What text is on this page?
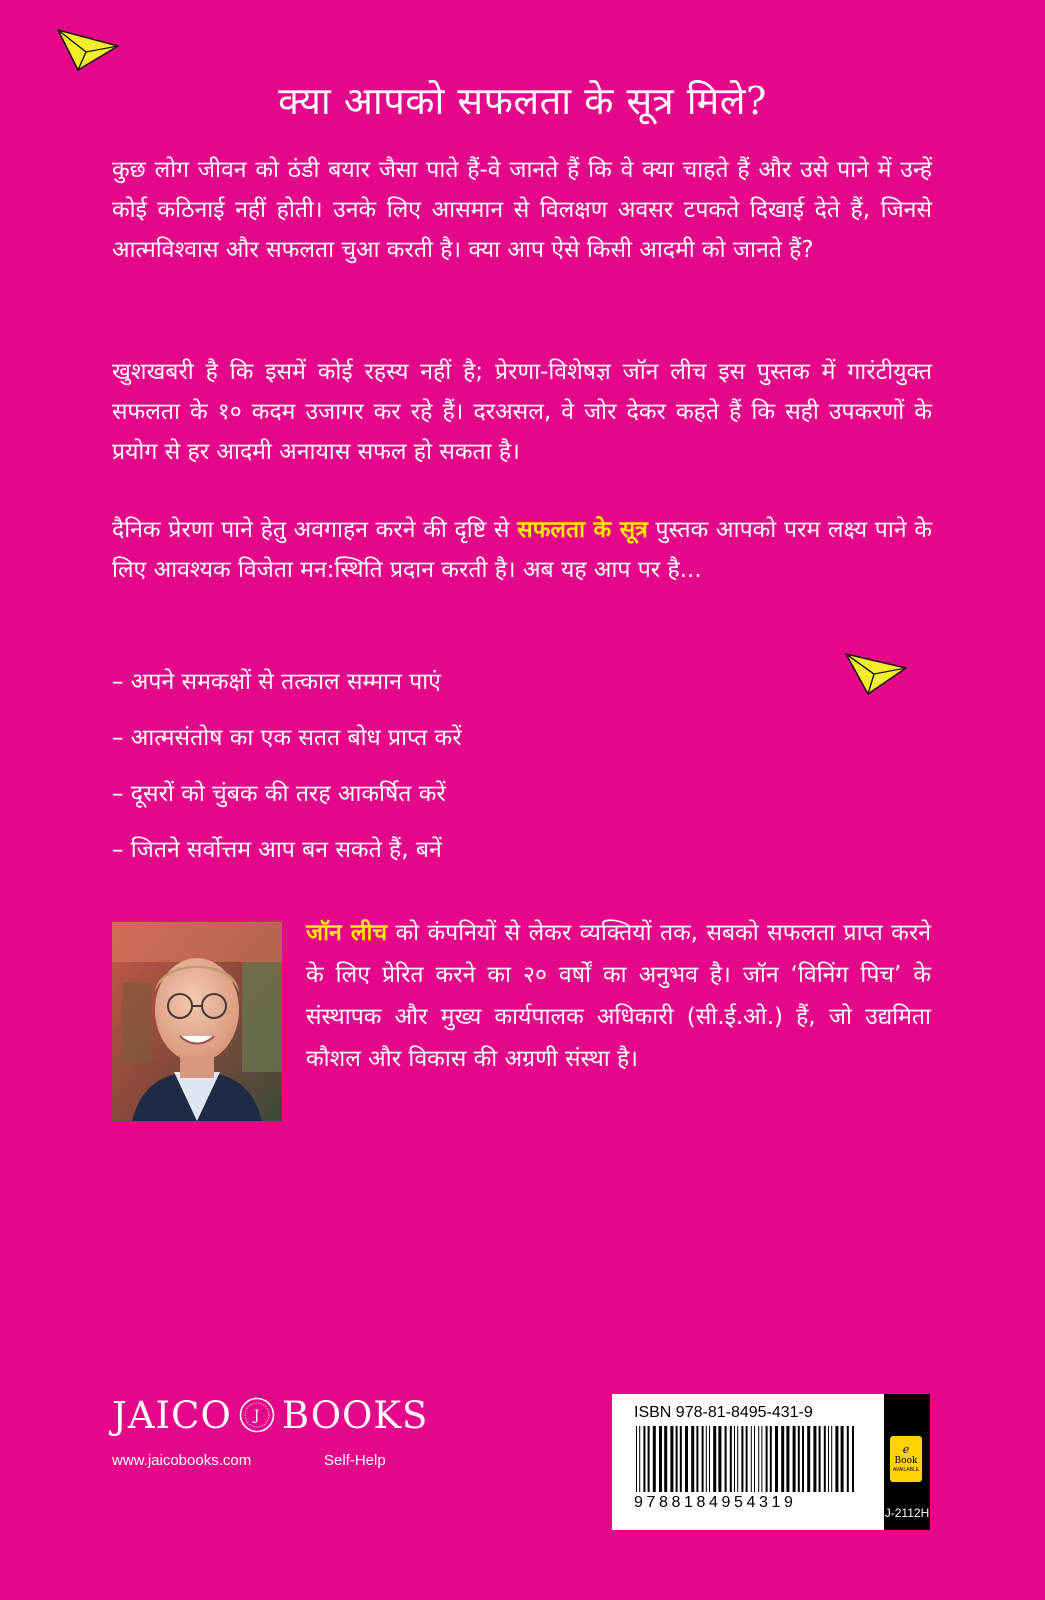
क्या आपको सफलता के सूत्र मिले?

कुछ लोग जीवन को ठंडी बयार जैसा पाते हैं-वे जानते हैं कि वे क्या चाहते हैं और उसे पाने में उन्हें कोई कठिनाई नहीं होती। उनके लिए आसमान से विलक्षण अवसर टपकते दिखाई देते हैं, जिनसे आत्मविश्वास और सफलता चुआ करती है। क्या आप ऐसे किसी आदमी को जानते हैं?

खुशखबरी है कि इसमें कोई रहस्य नहीं है; प्रेरणा-विशेषज्ञ जॉन लीच इस पुस्तक में गारंटीयुक्त सफलता के १० कदम उजागर कर रहे हैं। दरअसल, वे जोर देकर कहते हैं कि सही उपकरणों के प्रयोग से हर आदमी अनायास सफल हो सकता है।

दैनिक प्रेरणा पाने हेतु अवगाहन करने की दृष्टि से सफलता के सूत्र पुस्तक आपको परम लक्ष्य पाने के लिए आवश्यक विजेता मन:स्थिति प्रदान करती है। अब यह आप पर है...

– अपने समकक्षों से तत्काल सम्मान पाएं

– आत्मसंतोष का एक सतत बोध प्राप्त करें

– दूसरों को चुंबक की तरह आकर्षित करें

– जितने सर्वोत्तम आप बन सकते हैं, बनें

जॉन लीच को कंपनियों से लेकर व्यक्तियों तक, सबको सफलता प्राप्त करने के लिए प्रेरित करने का २० वर्षों का अनुभव है। जॉन ‘विनिंग पिच’ के संस्थापक और मुख्य कार्यपालक अधिकारी (सी.ई.ओ.) हैं, जो उद्यमिता कौशल और विकास की अग्रणी संस्था है।

JAICO J BOOKS
www.jaicobooks.com	Self-Help
ISBN 978-81-8495-431-9
9788184954319
e
Book
AVAILABLE
J-2112H
